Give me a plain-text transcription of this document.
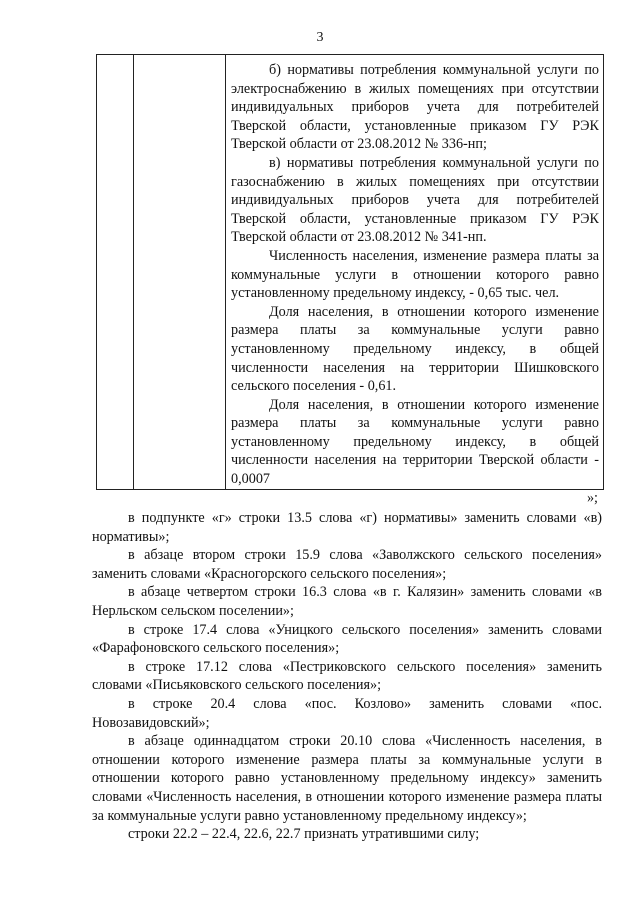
3

б) нормативы потребления коммунальной услуги по электроснабжению в жилых помещениях при отсутствии индивидуальных приборов учета для потребителей Тверской области, установленные приказом ГУ РЭК Тверской области от 23.08.2012 № 336-нп;

в) нормативы потребления коммунальной услуги по газоснабжению в жилых помещениях при отсутствии индивидуальных приборов учета для потребителей Тверской области, установленные приказом ГУ РЭК Тверской области от 23.08.2012 № 341-нп.

Численность населения, изменение размера платы за коммунальные услуги в отношении которого равно установленному предельному индексу, - 0,65 тыс. чел.

Доля населения, в отношении которого изменение размера платы за коммунальные услуги равно установленному предельному индексу, в общей численности населения на территории Шишковского сельского поселения - 0,61.

Доля населения, в отношении которого изменение размера платы за коммунальные услуги равно установленному предельному индексу, в общей численности населения на территории Тверской области - 0,0007

»;

в подпункте «г» строки 13.5 слова «г) нормативы» заменить словами «в) нормативы»;

в абзаце втором строки 15.9 слова «Заволжского сельского поселения» заменить словами «Красногорского сельского поселения»;

в абзаце четвертом строки 16.3 слова «в г. Калязин» заменить словами «в Нерльском сельском поселении»;

в строке 17.4 слова «Уницкого сельского поселения» заменить словами «Фарафоновского сельского поселения»;

в строке 17.12 слова «Пестриковского сельского поселения» заменить словами «Письяковского сельского поселения»;

в строке 20.4 слова «пос. Козлово» заменить словами «пос. Новозавидовский»;

в абзаце одиннадцатом строки 20.10 слова «Численность населения, в отношении которого изменение размера платы за коммунальные услуги в отношении которого равно установленному предельному индексу» заменить словами «Численность населения, в отношении которого изменение размера платы за коммунальные услуги равно установленному предельному индексу»;

строки 22.2 – 22.4, 22.6, 22.7 признать утратившими силу;
